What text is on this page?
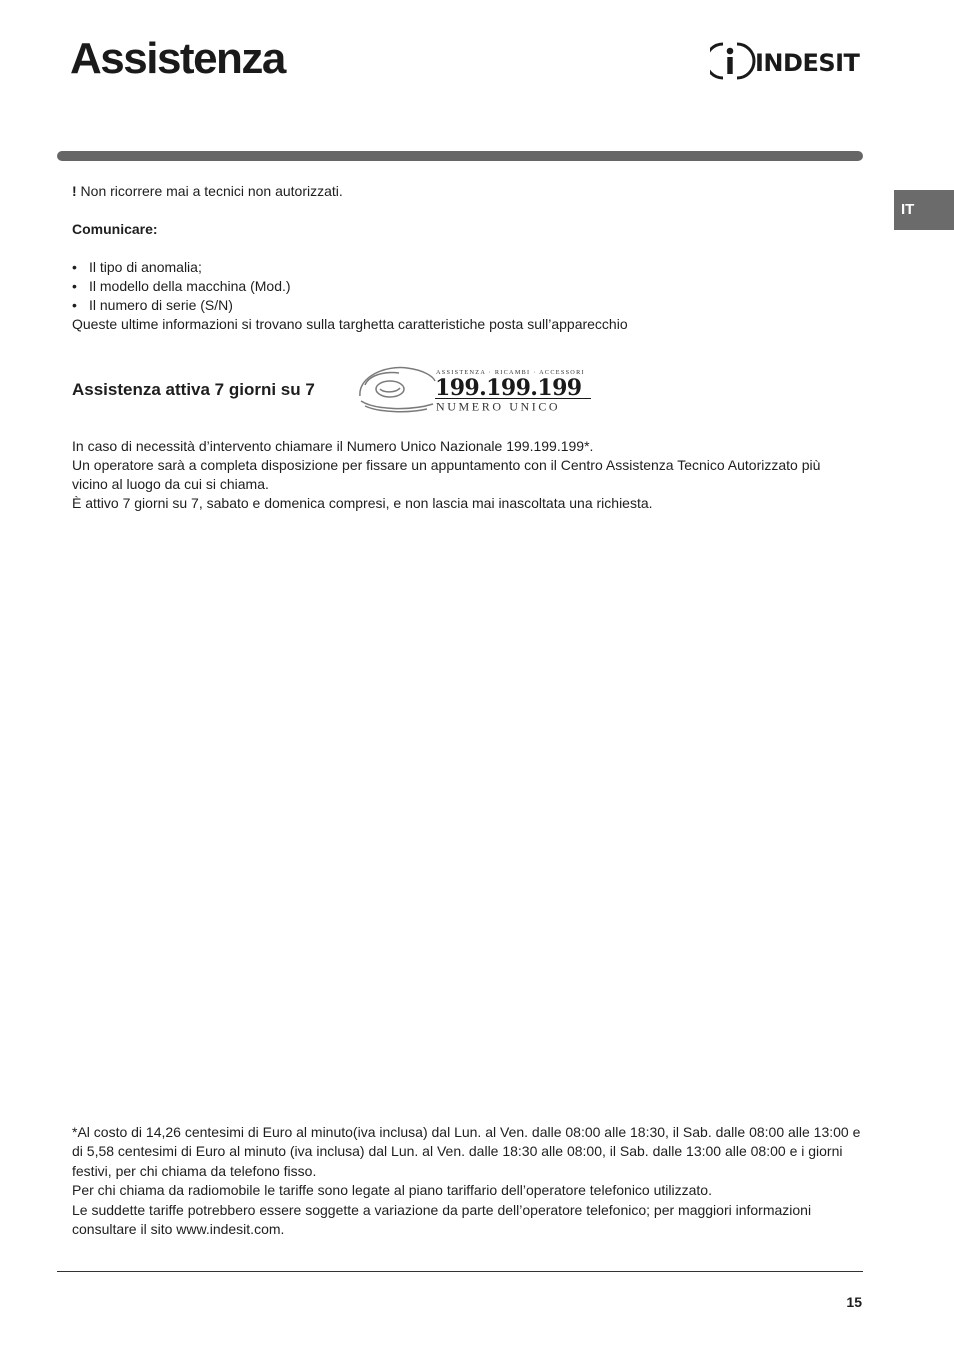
Assistenza	INDESIT
IT
! Non ricorrere mai a tecnici non autorizzati.
Comunicare:
• Il tipo di anomalia;
• Il modello della macchina (Mod.)
• Il numero di serie (S/N)
Queste ultime informazioni si trovano sulla targhetta caratteristiche posta sull’apparecchio
Assistenza attiva 7 giorni su 7
ASSISTENZA · RICAMBI · ACCESSORI
199.199.199
NUMERO UNICO

In caso di necessità d’intervento chiamare il Numero Unico Nazionale 199.199.199*.

Un operatore sarà a completa disposizione per fissare un appuntamento con il Centro Assistenza Tecnico Autorizzato più vicino al luogo da cui si chiama.

È attivo 7 giorni su 7, sabato e domenica compresi, e non lascia mai inascoltata una richiesta.

*Al costo di 14,26 centesimi di Euro al minuto(iva inclusa) dal Lun. al Ven. dalle 08:00 alle 18:30, il Sab. dalle 08:00 alle 13:00 e di 5,58 centesimi di Euro al minuto (iva inclusa) dal Lun. al Ven. dalle 18:30 alle 08:00, il Sab. dalle 13:00 alle 08:00 e i giorni festivi, per chi chiama da telefono fisso.

Per chi chiama da radiomobile le tariffe sono legate al piano tariffario dell’operatore telefonico utilizzato.

Le suddette tariffe potrebbero essere soggette a variazione da parte dell’operatore telefonico; per maggiori informazioni consultare il sito www.indesit.com.

15
